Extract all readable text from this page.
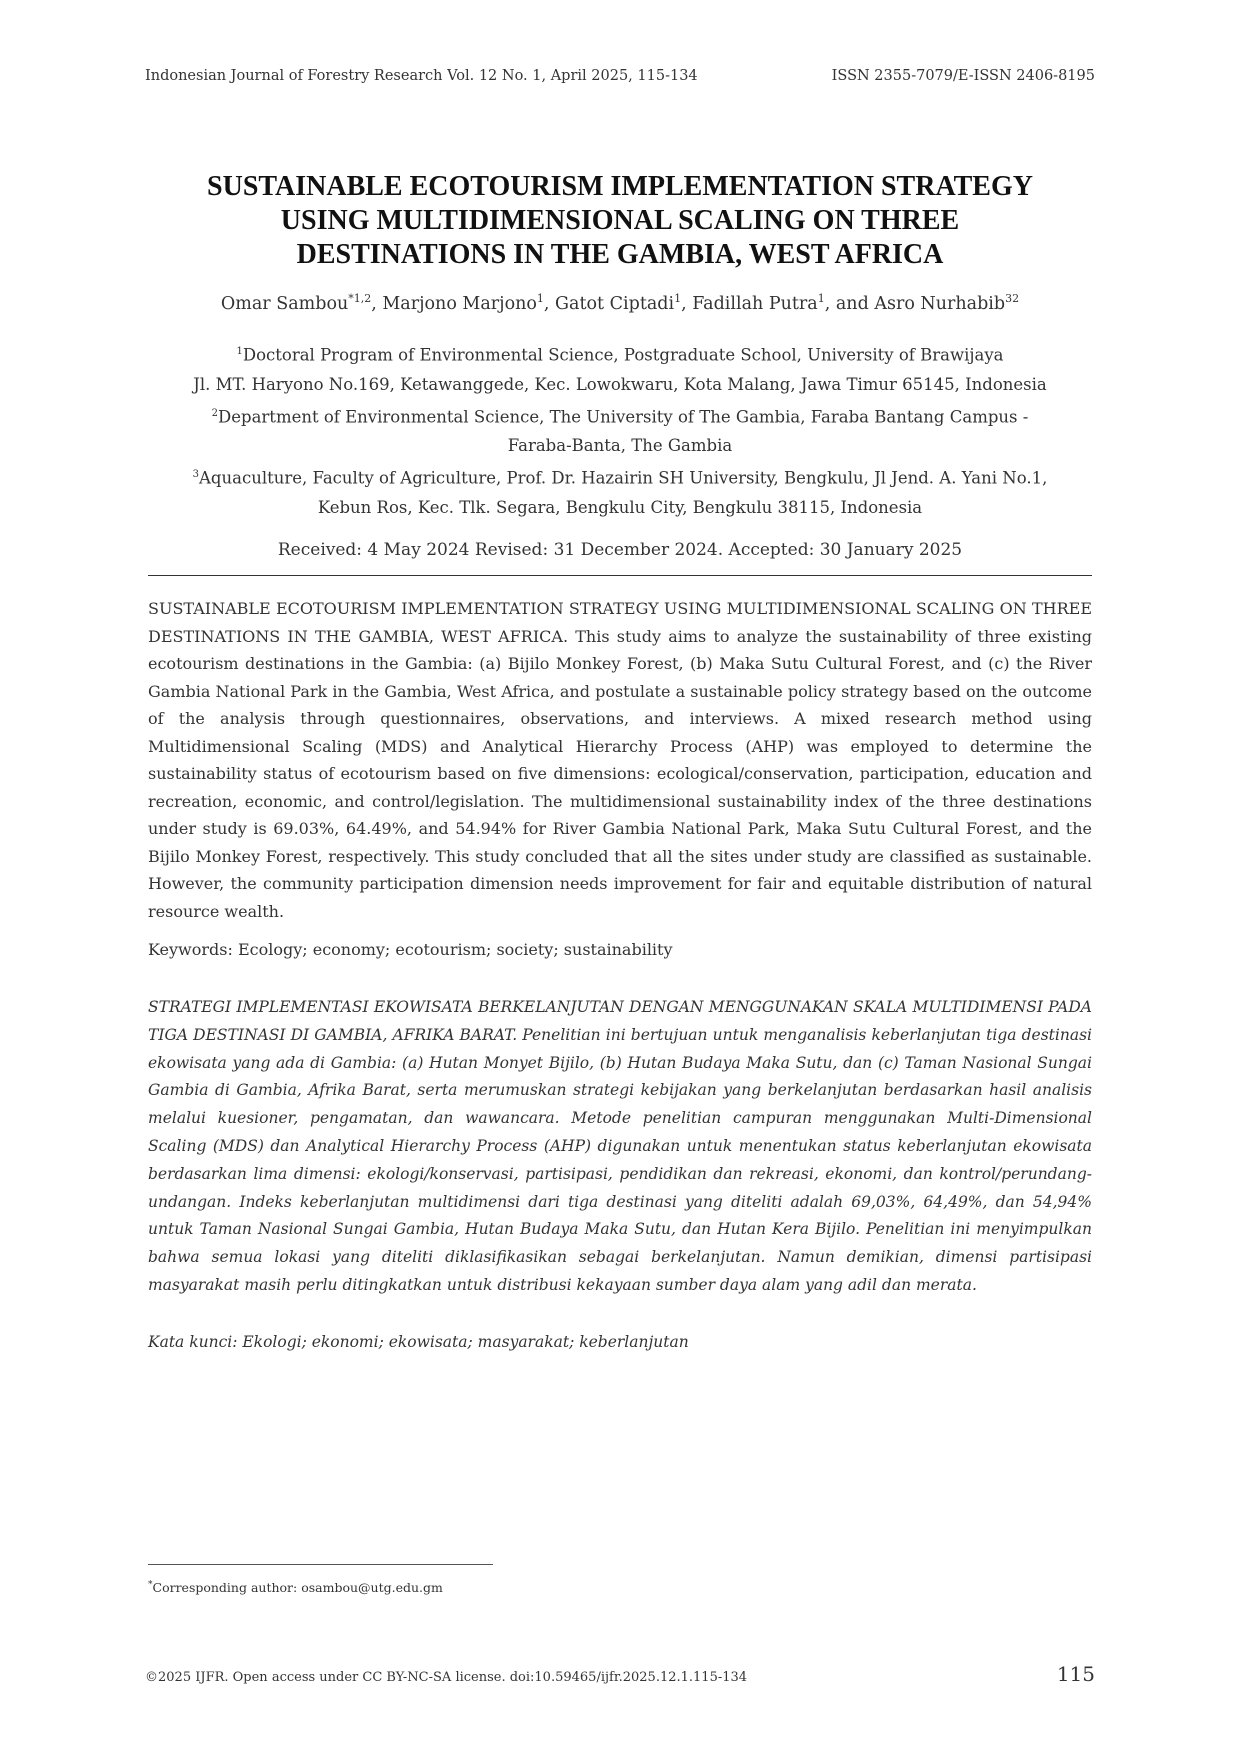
Indonesian Journal of Forestry Research Vol. 12 No. 1, April 2025, 115-134	ISSN 2355-7079/E-ISSN 2406-8195
SUSTAINABLE ECOTOURISM IMPLEMENTATION STRATEGY
USING MULTIDIMENSIONAL SCALING ON THREE
DESTINATIONS IN THE GAMBIA, WEST AFRICA
Omar Sambou$^{*1,2}$, Marjono Marjono$^1$, Gatot Ciptadi$^1$, Fadillah Putra$^1$, and Asro Nurhabib$^{32}$
$^1$Doctoral Program of Environmental Science, Postgraduate School, University of Brawijaya
Jl. MT. Haryono No.169, Ketawanggede, Kec. Lowokwaru, Kota Malang, Jawa Timur 65145, Indonesia
$^2$Department of Environmental Science, The University of The Gambia, Faraba Bantang Campus -
Faraba-Banta, The Gambia
$^3$Aquaculture, Faculty of Agriculture, Prof. Dr. Hazairin SH University, Bengkulu, Jl Jend. A. Yani No.1,
Kebun Ros, Kec. Tlk. Segara, Bengkulu City, Bengkulu 38115, Indonesia
Received: 4 May 2024 Revised: 31 December 2024. Accepted: 30 January 2025
SUSTAINABLE ECOTOURISM IMPLEMENTATION STRATEGY USING MULTIDIMENSIONAL SCALING ON THREE DESTINATIONS IN THE GAMBIA, WEST AFRICA. This study aims to analyze the sustainability of three existing ecotourism destinations in the Gambia: (a) Bijilo Monkey Forest, (b) Maka Sutu Cultural Forest, and (c) the River Gambia National Park in the Gambia, West Africa, and postulate a sustainable policy strategy based on the outcome of the analysis through questionnaires, observations, and interviews. A mixed research method using Multidimensional Scaling (MDS) and Analytical Hierarchy Process (AHP) was employed to determine the sustainability status of ecotourism based on five dimensions: ecological/conservation, participation, education and recreation, economic, and control/legislation. The multidimensional sustainability index of the three destinations under study is 69.03%, 64.49%, and 54.94% for River Gambia National Park, Maka Sutu Cultural Forest, and the Bijilo Monkey Forest, respectively. This study concluded that all the sites under study are classified as sustainable. However, the community participation dimension needs improvement for fair and equitable distribution of natural resource wealth.
Keywords: Ecology; economy; ecotourism; society; sustainability
STRATEGI IMPLEMENTASI EKOWISATA BERKELANJUTAN DENGAN MENGGUNAKAN SKALA MULTIDIMENSI PADA TIGA DESTINASI DI GAMBIA, AFRIKA BARAT. Penelitian ini bertujuan untuk menganalisis keberlanjutan tiga destinasi ekowisata yang ada di Gambia: (a) Hutan Monyet Bijilo, (b) Hutan Budaya Maka Sutu, dan (c) Taman Nasional Sungai Gambia di Gambia, Afrika Barat, serta merumuskan strategi kebijakan yang berkelanjutan berdasarkan hasil analisis melalui kuesioner, pengamatan, dan wawancara. Metode penelitian campuran menggunakan Multi-Dimensional Scaling (MDS) dan Analytical Hierarchy Process (AHP) digunakan untuk menentukan status keberlanjutan ekowisata berdasarkan lima dimensi: ekologi/konservasi, partisipasi, pendidikan dan rekreasi, ekonomi, dan kontrol/perundang-undangan. Indeks keberlanjutan multidimensi dari tiga destinasi yang diteliti adalah 69,03%, 64,49%, dan 54,94% untuk Taman Nasional Sungai Gambia, Hutan Budaya Maka Sutu, dan Hutan Kera Bijilo. Penelitian ini menyimpulkan bahwa semua lokasi yang diteliti diklasifikasikan sebagai berkelanjutan. Namun demikian, dimensi partisipasi masyarakat masih perlu ditingkatkan untuk distribusi kekayaan sumber daya alam yang adil dan merata.
Kata kunci: Ekologi; ekonomi; ekowisata; masyarakat; keberlanjutan
*Corresponding author: osambou@utg.edu.gm
©2025 IJFR. Open access under CC BY-NC-SA license. doi:10.59465/ijfr.2025.12.1.115-134	115
